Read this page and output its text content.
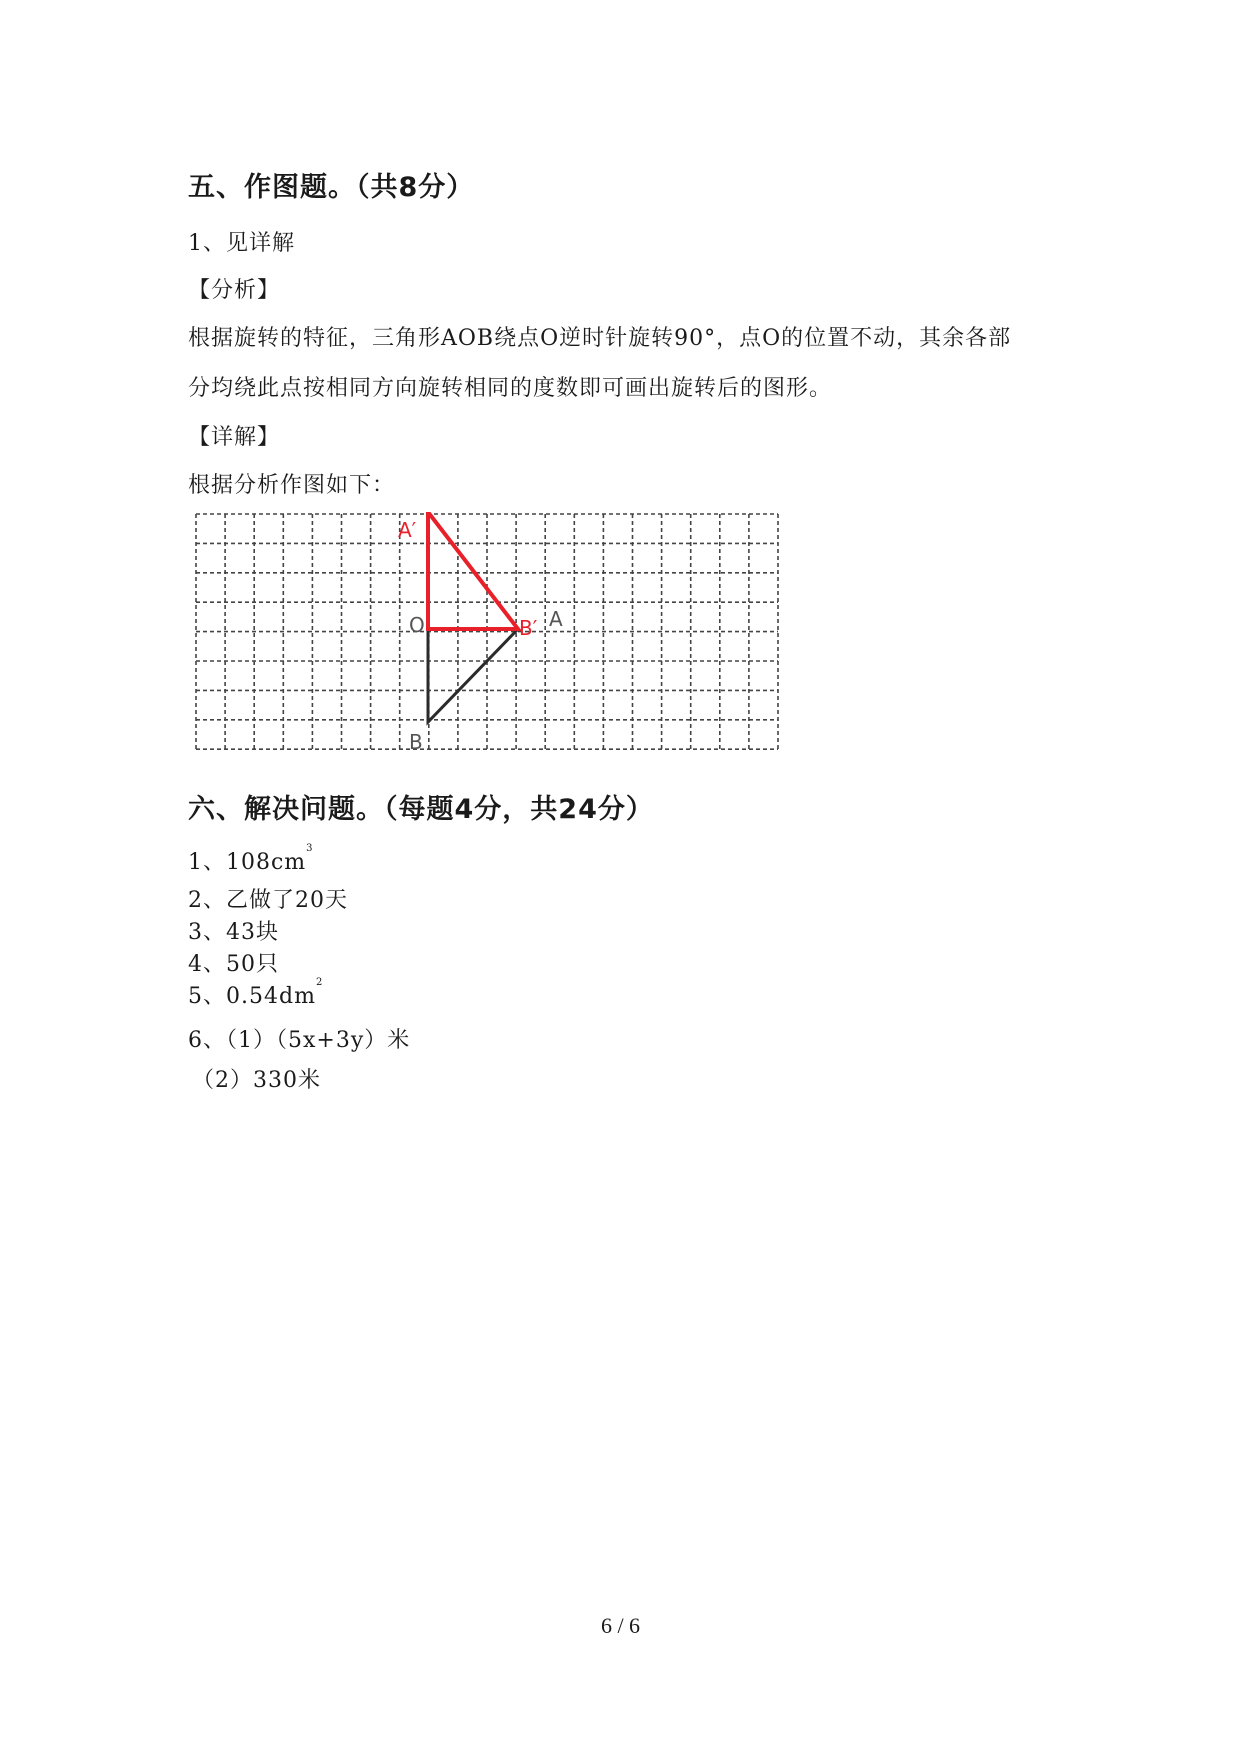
五、作图题。（共8分）
1、见详解
【分析】
根据旋转的特征，三角形AOB绕点O逆时针旋转90°，点O的位置不动，其余各部
分均绕此点按相同方向旋转相同的度数即可画出旋转后的图形。
【详解】
根据分析作图如下：
A′
O	B′ A
B
六、解决问题。（每题4分，共24分）
1、$108cm^3$
2、乙做了20天
3、43块
4、50只
5、$0.54dm^2$
6、（1）（5x+3y）米
（2）330米
6 / 6
